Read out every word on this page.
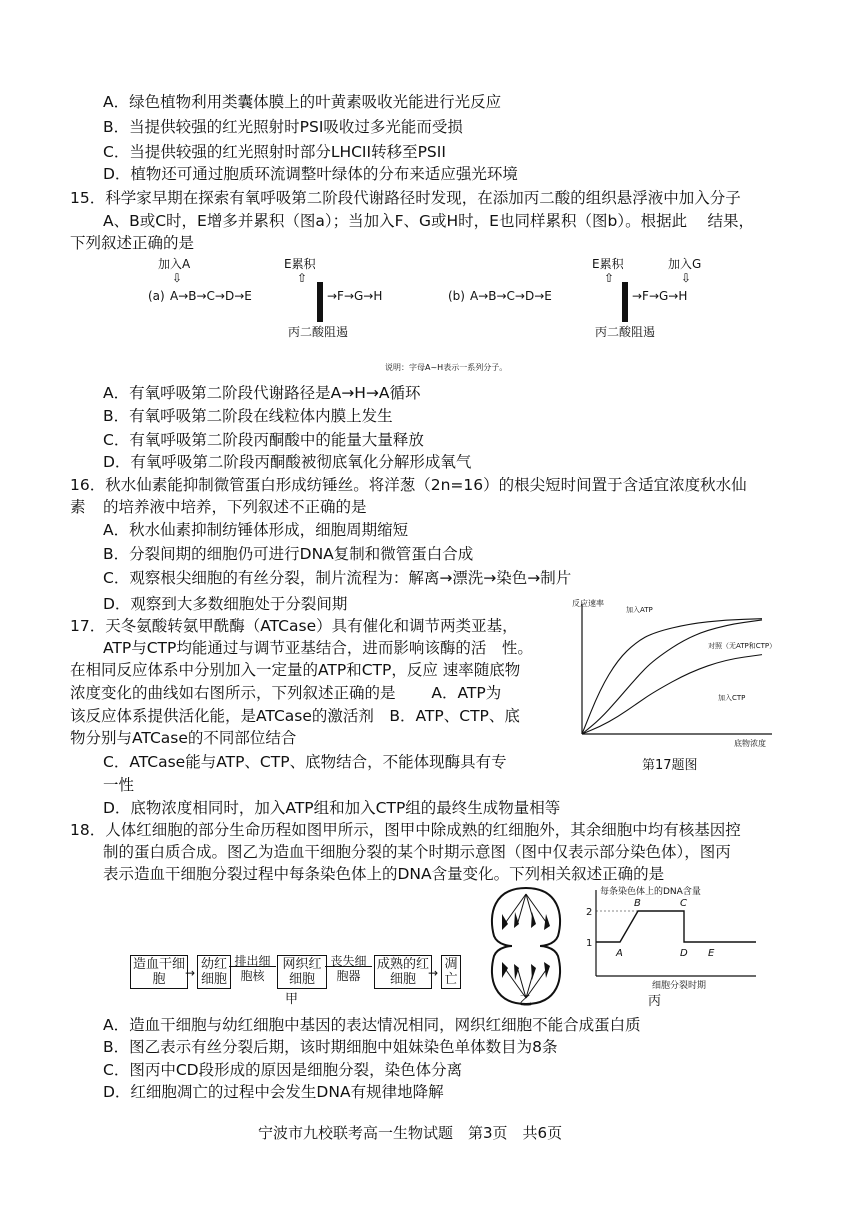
A．绿色植物利用类囊体膜上的叶黄素吸收光能进行光反应
B．当提供较强的红光照射时PSI吸收过多光能而受损
C．当提供较强的红光照射时部分LHCII转移至PSII
D．植物还可通过胞质环流调整叶绿体的分布来适应强光环境
15．科学家早期在探索有氧呼吸第二阶段代谢路径时发现，在添加丙二酸的组织悬浮液中加入分子
A、B或C时，E增多并累积（图a）；当加入F、G或H时，E也同样累积（图b）。根据此　 结果，
下列叙述正确的是
加入A
⇩
E累积
⇧
(a) A→B→C→D→E	→F→G→H
丙二酸阻遏
E累积
⇧
加入G
⇩
(b) A→B→C→D→E	→F→G→H
丙二酸阻遏
说明：字母A~H表示一系列分子。
A．有氧呼吸第二阶段代谢路径是A→H→A循环
B．有氧呼吸第二阶段在线粒体内膜上发生
C．有氧呼吸第二阶段丙酮酸中的能量大量释放
D．有氧呼吸第二阶段丙酮酸被彻底氧化分解形成氧气
16．秋水仙素能抑制微管蛋白形成纺锤丝。将洋葱（2n=16）的根尖短时间置于含适宜浓度秋水仙
素 的培养液中培养，下列叙述不正确的是
A．秋水仙素抑制纺锤体形成，细胞周期缩短
B．分裂间期的细胞仍可进行DNA复制和微管蛋白合成
C．观察根尖细胞的有丝分裂，制片流程为：解离→漂洗→染色→制片
D．观察到大多数细胞处于分裂间期
17．天冬氨酸转氨甲酰酶（ATCase）具有催化和调节两类亚基，
ATP与CTP均能通过与调节亚基结合，进而影响该酶的活　性。
在相同反应体系中分别加入一定量的ATP和CTP，反应 速率随底物
浓度变化的曲线如右图所示，下列叙述正确的是　　 A．ATP为
该反应体系提供活化能，是ATCase的激活剂　B．ATP、CTP、底
物分别与ATCase的不同部位结合
C．ATCase能与ATP、CTP、底物结合，不能体现酶具有专
一性
D．底物浓度相同时，加入ATP组和加入CTP组的最终生成物量相等
反应速率
底物浓度
加入ATP
对照（无ATP和CTP）
加入CTP
第17题图
18．人体红细胞的部分生命历程如图甲所示，图甲中除成熟的红细胞外，其余细胞中均有核基因控
制的蛋白质合成。图乙为造血干细胞分裂的某个时期示意图（图中仅表示部分染色体），图丙
表示造血干细胞分裂过程中每条染色体上的DNA含量变化。下列相关叙述正确的是
造血干细胞	→
幼红细胞
排出细胞核
网织红细胞
丧失细胞器
成熟的红细胞	→
凋亡
甲	乙
每条染色体上的DNA含量
2
1
A
B	C
D E
细胞分裂时期
丙
A．造血干细胞与幼红细胞中基因的表达情况相同，网织红细胞不能合成蛋白质
B．图乙表示有丝分裂后期，该时期细胞中姐妹染色单体数目为8条
C．图丙中CD段形成的原因是细胞分裂，染色体分离
D．红细胞凋亡的过程中会发生DNA有规律地降解
宁波市九校联考高一生物试题　第3页　共6页
